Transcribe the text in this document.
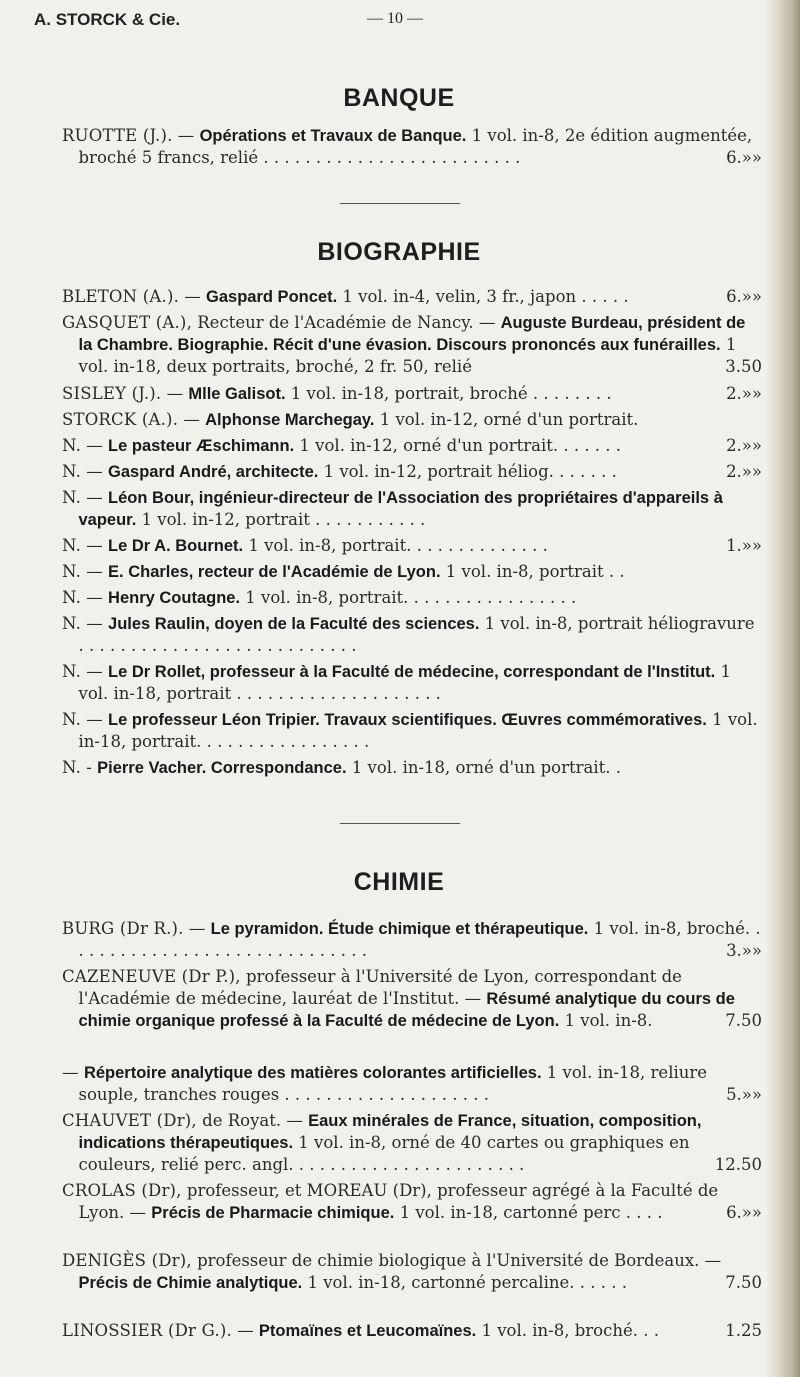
A. STORCK & Cie.	— 10 —
BANQUE
RUOTTE (J.). — Opérations et Travaux de Banque. 1 vol. in-8, 2e édition augmentée, broché 5 francs, relié . . . . . . . . . . . . . . . . . . . . . . . . .	6.»»
BIOGRAPHIE
BLETON (A.). — Gaspard Poncet. 1 vol. in-4, velin, 3 fr., japon . . . . .	6.»»
GASQUET (A.), Recteur de l'Académie de Nancy. — Auguste Burdeau, président de la Chambre. Biographie. Récit d'une évasion. Discours prononcés aux funérailles. 1 vol. in-18, deux portraits, broché, 2 fr. 50, relié	3.50
SISLEY (J.). — Mlle Galisot. 1 vol. in-18, portrait, broché . . . . . . . .	2.»»
STORCK (A.). — Alphonse Marchegay. 1 vol. in-12, orné d'un portrait.
N. — Le pasteur Æschimann. 1 vol. in-12, orné d'un portrait. . . . . . .	2.»»
N. — Gaspard André, architecte. 1 vol. in-12, portrait héliog. . . . . . .	2.»»
N. — Léon Bour, ingénieur-directeur de l'Association des propriétaires d'appareils à vapeur. 1 vol. in-12, portrait . . . . . . . . . . .
N. — Le Dr A. Bournet. 1 vol. in-8, portrait. . . . . . . . . . . . . .	1.»»
N. — E. Charles, recteur de l'Académie de Lyon. 1 vol. in-8, portrait . .
N. — Henry Coutagne. 1 vol. in-8, portrait. . . . . . . . . . . . . . . . .
N. — Jules Raulin, doyen de la Faculté des sciences. 1 vol. in-8, portrait héliogravure . . . . . . . . . . . . . . . . . . . . . . . . . . .
N. — Le Dr Rollet, professeur à la Faculté de médecine, correspondant de l'Institut. 1 vol. in-18, portrait . . . . . . . . . . . . . . . . . . . .
N. — Le professeur Léon Tripier. Travaux scientifiques. Œuvres commémoratives. 1 vol. in-18, portrait. . . . . . . . . . . . . . . . .
N. - Pierre Vacher. Correspondance. 1 vol. in-18, orné d'un portrait. .
CHIMIE
BURG (Dr R.). — Le pyramidon. Étude chimique et thérapeutique. 1 vol. in-8, broché. . . . . . . . . . . . . . . . . . . . . . . . . . . . . .	3.»»
CAZENEUVE (Dr P.), professeur à l'Université de Lyon, correspondant de l'Académie de médecine, lauréat de l'Institut. — Résumé analytique du cours de chimie organique professé à la Faculté de médecine de Lyon. 1 vol. in-8.	7.50
— Répertoire analytique des matières colorantes artificielles. 1 vol. in-18, reliure souple, tranches rouges . . . . . . . . . . . . . . . . . . . .	5.»»
CHAUVET (Dr), de Royat. — Eaux minérales de France, situation, composition, indications thérapeutiques. 1 vol. in-8, orné de 40 cartes ou graphiques en couleurs, relié perc. angl. . . . . . . . . . . . . . . . . . . . . . .	12.50
CROLAS (Dr), professeur, et MOREAU (Dr), professeur agrégé à la Faculté de Lyon. — Précis de Pharmacie chimique. 1 vol. in-18, cartonné perc . . . .	6.»»
DENIGÈS (Dr), professeur de chimie biologique à l'Université de Bordeaux. — Précis de Chimie analytique. 1 vol. in-18, cartonné percaline. . . . . .	7.50
LINOSSIER (Dr G.). — Ptomaïnes et Leucomaïnes. 1 vol. in-8, broché. . .	1.25
